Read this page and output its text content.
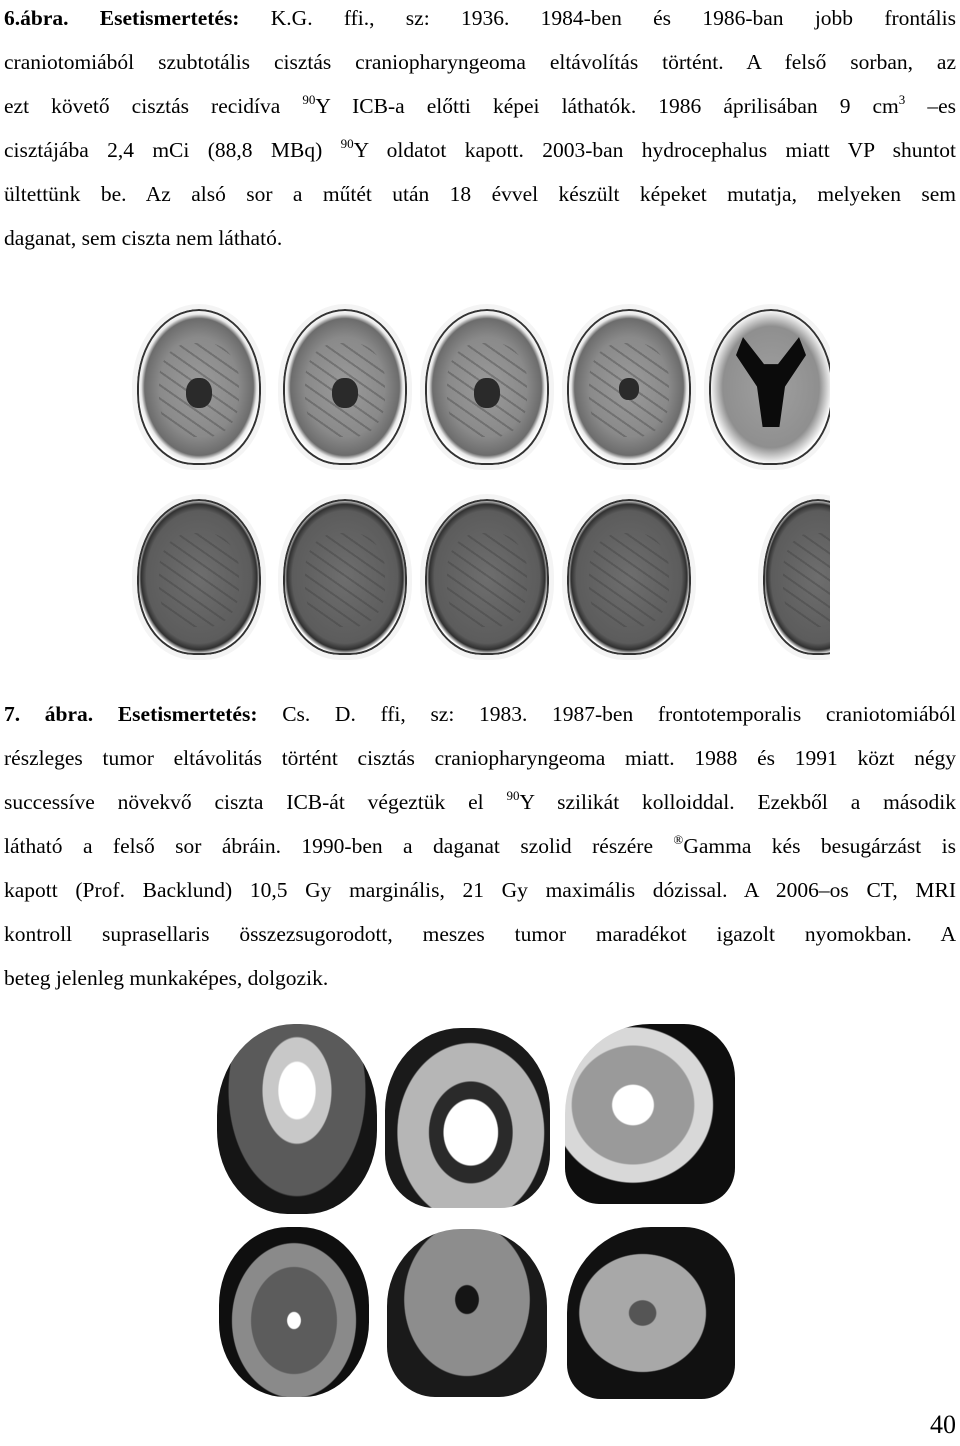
6.ábra. Esetismertetés: K.G. ffi., sz: 1936. 1984-ben és 1986-ban jobb frontális
craniotomiából szubtotális cisztás craniopharyngeoma eltávolítás történt. A felső sorban, az
ezt követő cisztás recidíva $^{90}$Y ICB-a előtti képei láthatók. 1986 áprilisában 9 $cm^3$ –es
cisztájába 2,4 mCi (88,8 MBq) $^{90}$Y oldatot kapott. 2003-ban hydrocephalus miatt VP shuntot
ültettünk be. Az alsó sor a műtét után 18 évvel készült képeket mutatja, melyeken sem
daganat, sem ciszta nem látható.
7. ábra. Esetismertetés: Cs. D. ffi, sz: 1983. 1987-ben frontotemporalis craniotomiából
részleges tumor eltávolitás történt cisztás craniopharyngeoma miatt. 1988 és 1991 közt négy
successíve növekvő ciszta ICB-át végeztük el $^{90}$Y szilikát kolloiddal. Ezekből a második
látható a felső sor ábráin. 1990-ben a daganat szolid részére ®Gamma kés besugárzást is
kapott (Prof. Backlund) 10,5 Gy marginális, 21 Gy maximális dózissal. A 2006–os CT, MRI
kontroll suprasellaris összezsugorodott, meszes tumor maradékot igazolt nyomokban. A
beteg jelenleg munkaképes, dolgozik.
40
